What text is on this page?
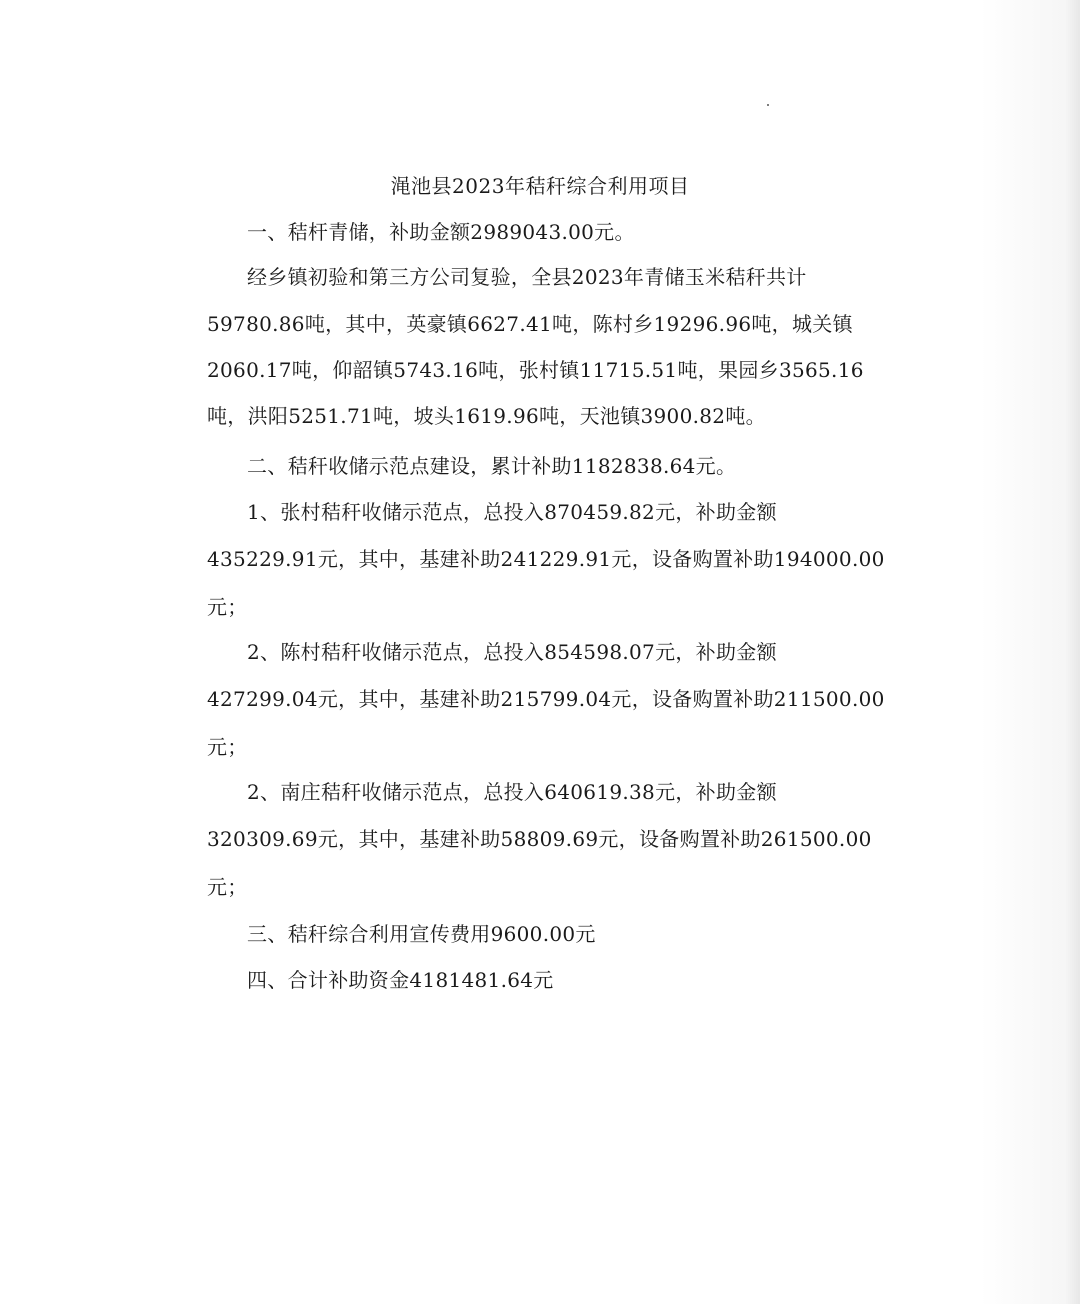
渑池县2023年秸秆综合利用项目
一、秸杆青储，补助金额2989043.00元。
经乡镇初验和第三方公司复验，全县2023年青储玉米秸秆共计
59780.86吨，其中，英豪镇6627.41吨，陈村乡19296.96吨，城关镇
2060.17吨，仰韶镇5743.16吨，张村镇11715.51吨，果园乡3565.16
吨，洪阳5251.71吨，坡头1619.96吨，天池镇3900.82吨。
二、秸秆收储示范点建设，累计补助1182838.64元。
1、张村秸秆收储示范点，总投入870459.82元，补助金额
435229.91元，其中，基建补助241229.91元，设备购置补助194000.00
元；
2、陈村秸秆收储示范点，总投入854598.07元，补助金额
427299.04元，其中，基建补助215799.04元，设备购置补助211500.00
元；
2、南庄秸秆收储示范点，总投入640619.38元，补助金额
320309.69元，其中，基建补助58809.69元，设备购置补助261500.00
元；
三、秸秆综合利用宣传费用9600.00元
四、合计补助资金4181481.64元
